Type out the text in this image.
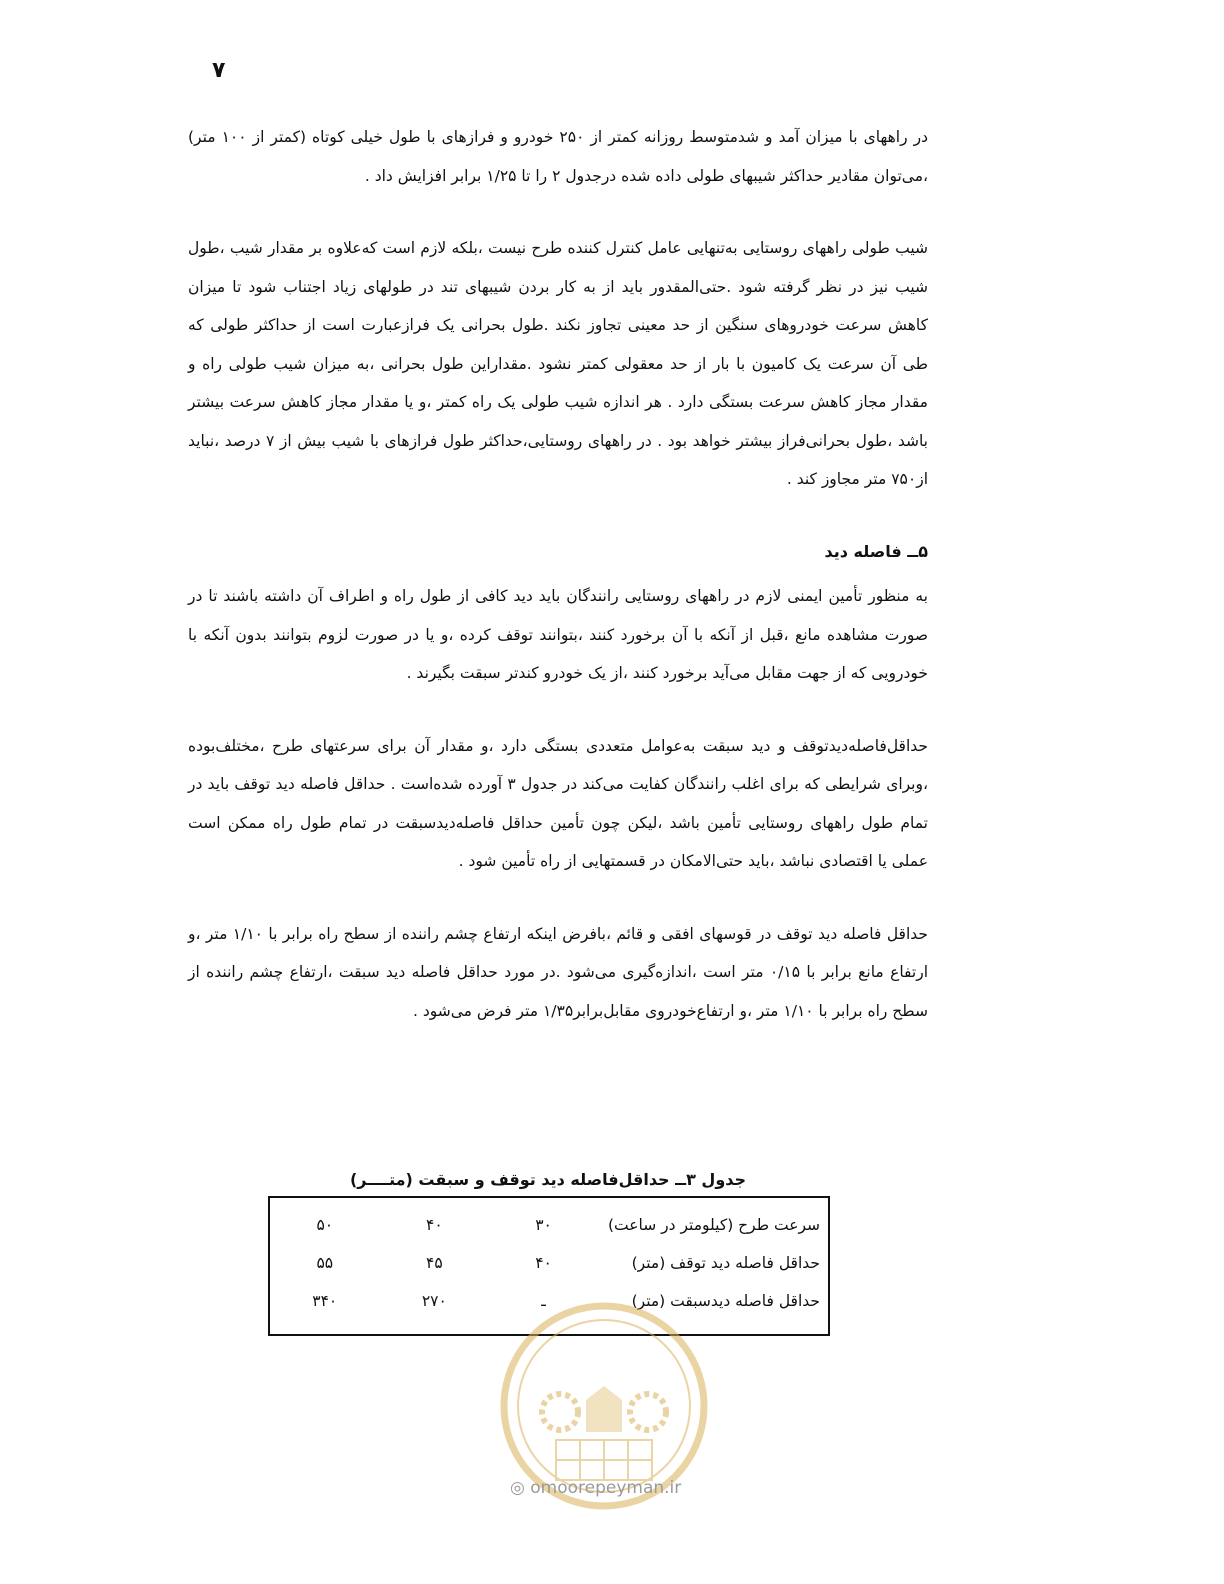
۷

در راههای با میزان آمد و شدمتوسط روزانه کمتر از ۲۵۰ خودرو و فرازهای با طول خیلی کوتاه (کمتر از ۱۰۰ متر) ،می‌توان مقادیر حداکثر شیبهای طولی داده شده درجدول ۲ را تا ۱/۲۵ برابر افزایش داد .

شیب طولی راههای روستایی به‌تنهایی عامل کنترل کننده طرح نیست ،بلکه لازم است که‌علاوه بر مقدار شیب ،طول شیب نیز در نظر گرفته شود .حتی‌المقدور باید از به کار بردن شیبهای تند در طولهای زیاد اجتناب شود تا میزان کاهش سرعت خودروهای سنگین از حد معینی تجاوز نکند .طول بحرانی یک فرازعبارت است از حداکثر طولی که طی آن سرعت یک کامیون با بار از حد معقولی کمتر نشود .مقداراین طول بحرانی ،به میزان شیب طولی راه و مقدار مجاز کاهش سرعت بستگی دارد . هر اندازه شیب طولی یک راه کمتر ،و یا مقدار مجاز کاهش سرعت بیشتر باشد ،طول بحرانی‌فراز بیشتر خواهد بود . در راههای روستایی،حداکثر طول فرازهای با شیب بیش از ۷ درصد ،نباید از۷۵۰ متر مجاوز کند .

۵ــ فاصله دید

به منظور تأمین ایمنی لازم در راههای روستایی رانندگان باید دید کافی از طول راه و اطراف آن داشته باشند تا در صورت مشاهده مانع ،قبل از آنکه با آن برخورد کنند ،بتوانند توقف کرده ،و یا در صورت لزوم بتوانند بدون آنکه با خودرویی که از جهت مقابل می‌آید برخورد کنند ،از یک خودرو کندتر سبقت بگیرند .

حداقل‌فاصله‌دیدتوقف و دید سبقت به‌عوامل متعددی بستگی دارد ،و مقدار آن برای سرعتهای طرح ،مختلف‌بوده ،وبرای شرایطی که برای اغلب رانندگان کفایت می‌کند در جدول ۳ آورده شده‌است . حداقل فاصله دید توقف باید در تمام طول راههای روستایی تأمین باشد ،لیکن چون تأمین حداقل فاصله‌دیدسبقت در تمام طول راه ممکن است عملی یا اقتصادی نباشد ،باید حتی‌الامکان در قسمتهایی از راه تأمین شود .

حداقل فاصله دید توقف در قوسهای افقی و قائم ،بافرض اینکه ارتفاع چشم راننده از سطح راه برابر با ۱/۱۰ متر ،و ارتفاع مانع برابر با ۰/۱۵ متر است ،اندازه‌گیری می‌شود .در مورد حداقل فاصله دید سبقت ،ارتفاع چشم راننده از سطح راه برابر با ۱/۱۰ متر ،و ارتفاع‌خودروی مقابل‌برابر۱/۳۵ متر فرض می‌شود .

جدول ۳ــ حداقل‌فاصله دید توقف و سبقت (متــــر)
سرعت طرح (کیلومتر در ساعت)	۳۰	۴۰	۵۰
حداقل فاصله دید توقف (متر)	۴۰	۴۵	۵۵
حداقل فاصله دیدسبقت (متر)	ـ	۲۷۰	۳۴۰
◎ omoorepeyman.ir
